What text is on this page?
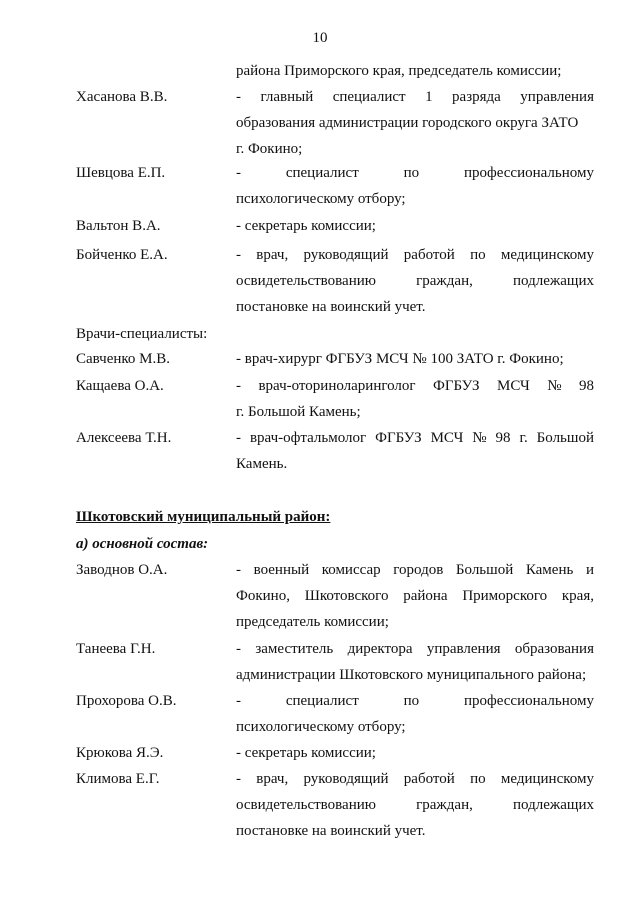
10
района Приморского края, председатель комиссии;
Хасанова В.В.	- главный специалист 1 разряда управления
образования администрации городского округа ЗАТО
г. Фокино;
Шевцова Е.П.	-	специалист	по	профессиональному
психологическому отбору;
Вальтон В.А.	- секретарь комиссии;
Бойченко Е.А.	- врач, руководящий работой по медицинскому
освидетельствованию	граждан,	подлежащих
постановке на воинский учет.
Врачи-специалисты:
Савченко М.В.	- врач-хирург ФГБУЗ МСЧ № 100 ЗАТО г. Фокино;
Кащаева О.А.	- врач-оториноларинголог ФГБУЗ МСЧ № 98
г. Большой Камень;
Алексеева Т.Н.	- врач-офтальмолог ФГБУЗ МСЧ № 98 г. Большой
Камень.
Шкотовский муниципальный район:
а) основной состав:
Заводнов О.А.	- военный комиссар городов Большой Камень и
Фокино, Шкотовского района Приморского края,
председатель комиссии;
Танеева Г.Н.	- заместитель директора управления образования
администрации Шкотовского муниципального района;
Прохорова О.В.	-	специалист	по	профессиональному
психологическому отбору;
Крюкова Я.Э.	- секретарь комиссии;
Климова Е.Г.	- врач, руководящий работой по медицинскому
освидетельствованию	граждан,	подлежащих
постановке на воинский учет.
